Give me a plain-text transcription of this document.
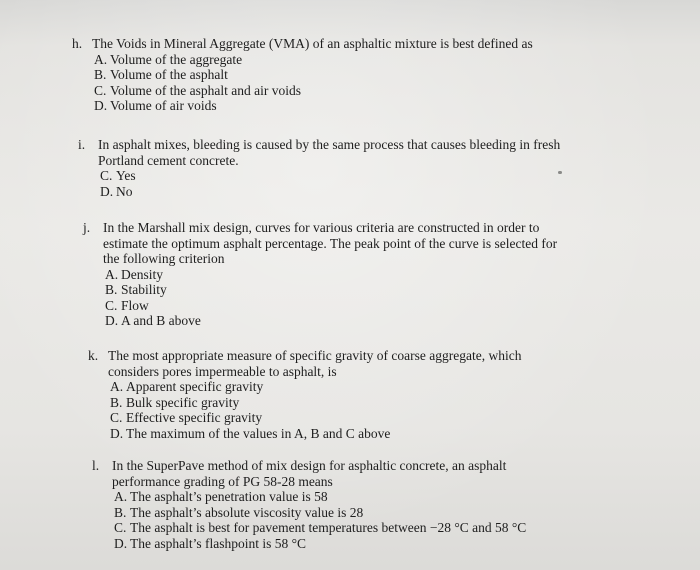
h. The Voids in Mineral Aggregate (VMA) of an asphaltic mixture is best defined as
A. Volume of the aggregate
B. Volume of the asphalt
C. Volume of the asphalt and air voids
D. Volume of air voids
i. In asphalt mixes, bleeding is caused by the same process that causes bleeding in fresh Portland cement concrete.
C. Yes
D. No
j. In the Marshall mix design, curves for various criteria are constructed in order to estimate the optimum asphalt percentage. The peak point of the curve is selected for the following criterion
A. Density
B. Stability
C. Flow
D. A and B above
k. The most appropriate measure of specific gravity of coarse aggregate, which considers pores impermeable to asphalt, is
A. Apparent specific gravity
B. Bulk specific gravity
C. Effective specific gravity
D. The maximum of the values in A, B and C above
l. In the SuperPave method of mix design for asphaltic concrete, an asphalt performance grading of PG 58-28 means
A. The asphalt’s penetration value is 58
B. The asphalt’s absolute viscosity value is 28
C. The asphalt is best for pavement temperatures between −28 °C and 58 °C
D. The asphalt’s flashpoint is 58 °C
